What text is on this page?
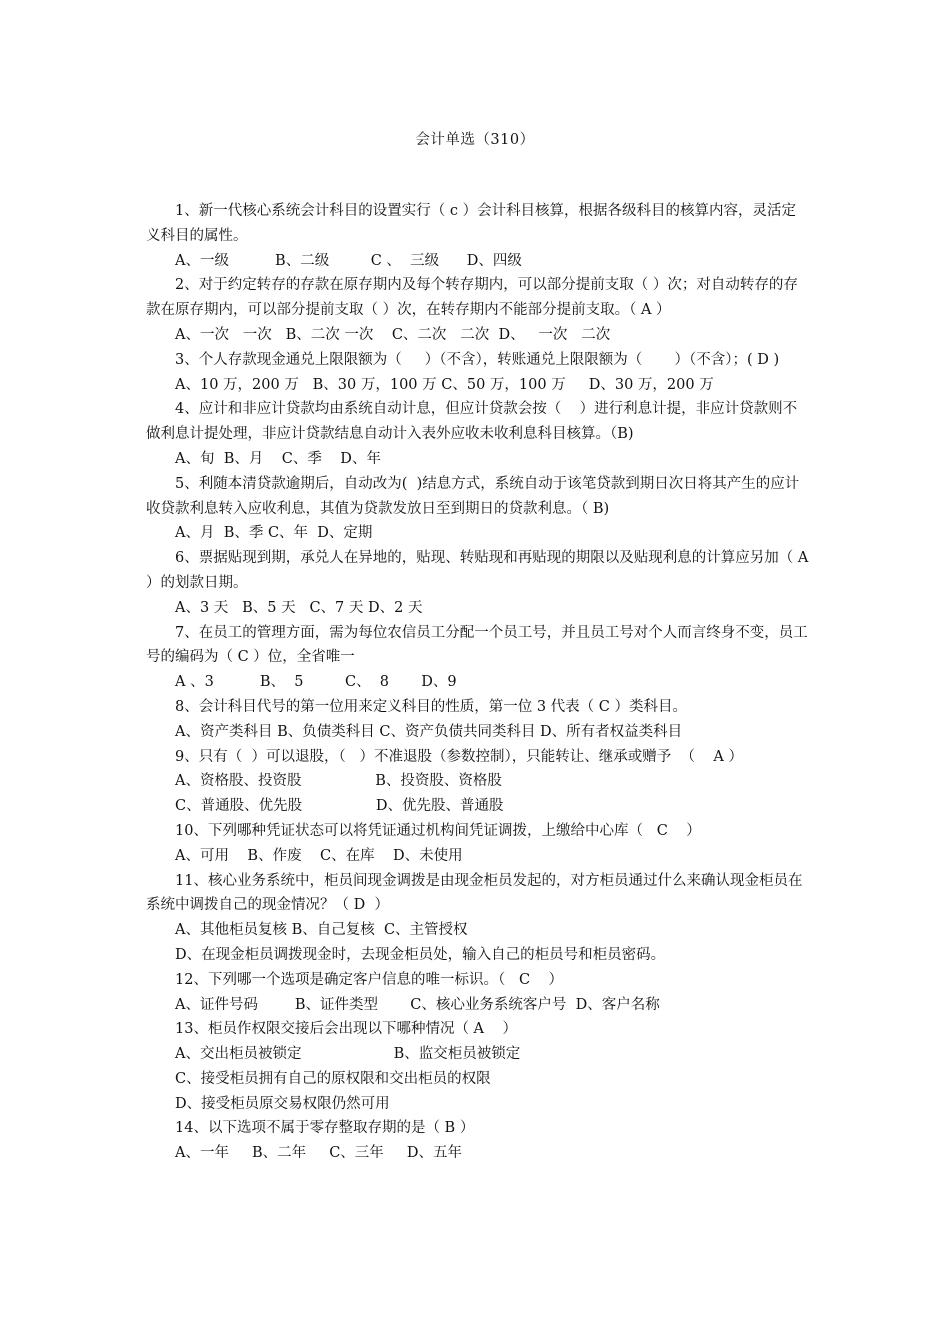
会计单选（310）

1、新一代核心系统会计科目的设置实行（ c ）会计科目核算，根据各级科目的核算内容，灵活定义科目的属性。

A、一级          B、二级         C 、  三级      D、四级

2、对于约定转存的存款在原存期内及每个转存期内，可以部分提前支取（ ）次；对自动转存的存款在原存期内，可以部分提前支取（ ）次，在转存期内不能部分提前支取。（ A ）

A、一次   一次   B、二次 一次    C、二次   二次  D、   一次   二次

3、个人存款现金通兑上限限额为（     ）（不含），转账通兑上限限额为（       ）（不含）；( D )

A、10 万，200 万   B、30 万，100 万 C、50 万，100 万     D、30 万，200 万

4、应计和非应计贷款均由系统自动计息，但应计贷款会按（    ）进行利息计提，非应计贷款则不做利息计提处理，非应计贷款结息自动计入表外应收未收利息科目核算。（B)

A、旬  B、月    C、季    D、年

5、利随本清贷款逾期后，自动改为(  )结息方式，系统自动于该笔贷款到期日次日将其产生的应计收贷款利息转入应收利息，其值为贷款发放日至到期日的贷款利息。（ B)

A、月  B、季 C、年  D、定期

6、票据贴现到期，承兑人在异地的，贴现、转贴现和再贴现的期限以及贴现利息的计算应另加（ A ）的划款日期。

A、3 天   B、5 天   C、7 天 D、2 天

7、在员工的管理方面，需为每位农信员工分配一个员工号，并且员工号对个人而言终身不变，员工号的编码为（ C ）位，全省唯一

A 、3          B、  5         C、  8       D、9

8、会计科目代号的第一位用来定义科目的性质，第一位 3 代表（ C ）类科目。

A、资产类科目 B、负债类科目 C、资产负债共同类科目 D、所有者权益类科目

9、只有（  ）可以退股，（   ）不准退股（参数控制），只能转让、继承或赠予  （    A ）

A、资格股、投资股                B、投资股、资格股

C、普通股、优先股                D、优先股、普通股

10、下列哪种凭证状态可以将凭证通过机构间凭证调拨，上缴给中心库（   C    ）

A、可用    B、作废    C、在库    D、未使用

11、核心业务系统中，柜员间现金调拨是由现金柜员发起的，对方柜员通过什么来确认现金柜员在系统中调拨自己的现金情况？（ D  ）

A、其他柜员复核 B、自己复核  C、主管授权

D、在现金柜员调拨现金时，去现金柜员处，输入自己的柜员号和柜员密码。

12、下列哪一个选项是确定客户信息的唯一标识。（   C    ）

A、证件号码        B、证件类型       C、核心业务系统客户号  D、客户名称

13、柜员作权限交接后会出现以下哪种情况（ A    ）

A、交出柜员被锁定                    B、监交柜员被锁定

C、接受柜员拥有自己的原权限和交出柜员的权限

D、接受柜员原交易权限仍然可用

14、以下选项不属于零存整取存期的是（ B ）

A、一年     B、二年     C、三年     D、五年
